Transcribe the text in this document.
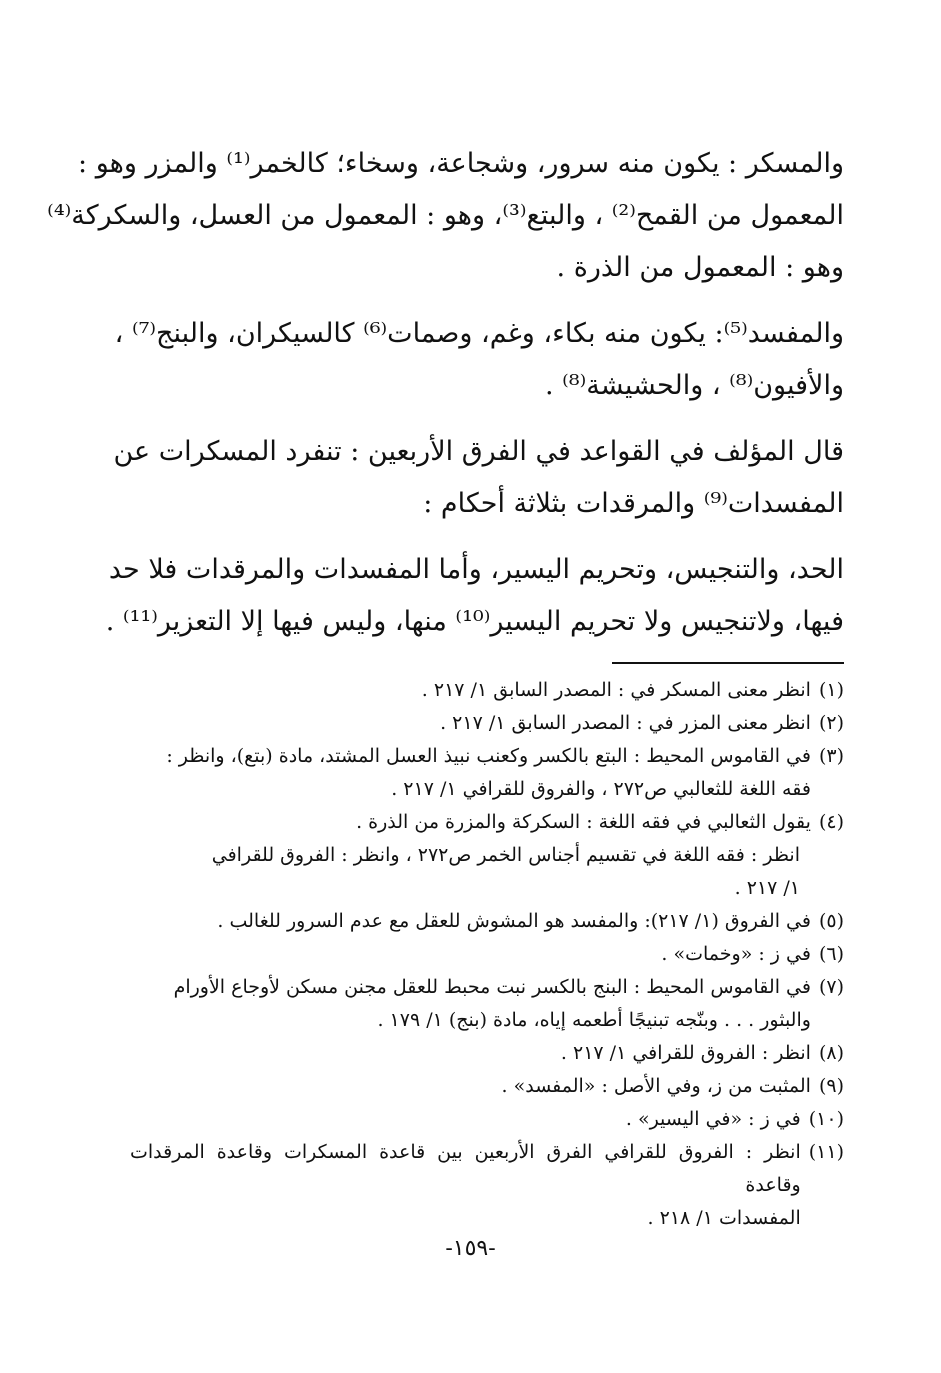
والمسكر : يكون منه سرور، وشجاعة، وسخاء؛ كالخمر⁽¹⁾ والمزر وهو :
المعمول من القمح⁽²⁾ ، والبتع⁽³⁾، وهو : المعمول من العسل، والسكركة⁽⁴⁾
وهو : المعمول من الذرة .

والمفسد⁽⁵⁾: يكون منه بكاء، وغم، وصمات⁽⁶⁾ كالسيكران، والبنج⁽⁷⁾ ،
والأفيون⁽⁸⁾ ، والحشيشة⁽⁸⁾ .

قال المؤلف في القواعد في الفرق الأربعين : تنفرد المسكرات عن
المفسدات⁽⁹⁾ والمرقدات بثلاثة أحكام :

الحد، والتنجيس، وتحريم اليسير، وأما المفسدات والمرقدات فلا حد
فيها، ولاتنجيس ولا تحريم اليسير⁽¹⁰⁾ منها، وليس فيها إلا التعزير⁽¹¹⁾ .

(١)
انظر معنى المسكر في : المصدر السابق ١/ ٢١٧ .
(٢)
انظر معنى المزر في : المصدر السابق ١/ ٢١٧ .
(٣)
في القاموس المحيط : البتع بالكسر وكعنب نبيذ العسل المشتد، مادة (بتع)، وانظر :
فقه اللغة للثعالبي ص٢٧٢ ، والفروق للقرافي ١/ ٢١٧ .
(٤)
يقول الثعالبي في فقه اللغة : السكركة والمزرة من الذرة .
انظر : فقه اللغة في تقسيم أجناس الخمر ص٢٧٢ ، وانظر : الفروق للقرافي
١/ ٢١٧ .
(٥)
في الفروق (١/ ٢١٧): والمفسد هو المشوش للعقل مع عدم السرور للغالب .
(٦)
في ز : «وخمات» .
(٧)
في القاموس المحيط : البنج بالكسر نبت محبط للعقل مجنن مسكن لأوجاع الأورام
والبثور . . . وبنّجه تبنيجًا أطعمه إياه، مادة (بنج) ١/ ١٧٩ .
(٨)
انظر : الفروق للقرافي ١/ ٢١٧ .
(٩)
المثبت من ز، وفي الأصل : «المفسد» .
(١٠)
في ز : «في اليسير» .
(١١)
انظر : الفروق للقرافي الفرق الأربعين بين قاعدة المسكرات وقاعدة المرقدات وقاعدة
المفسدات ١/ ٢١٨ .
-١٥٩-
